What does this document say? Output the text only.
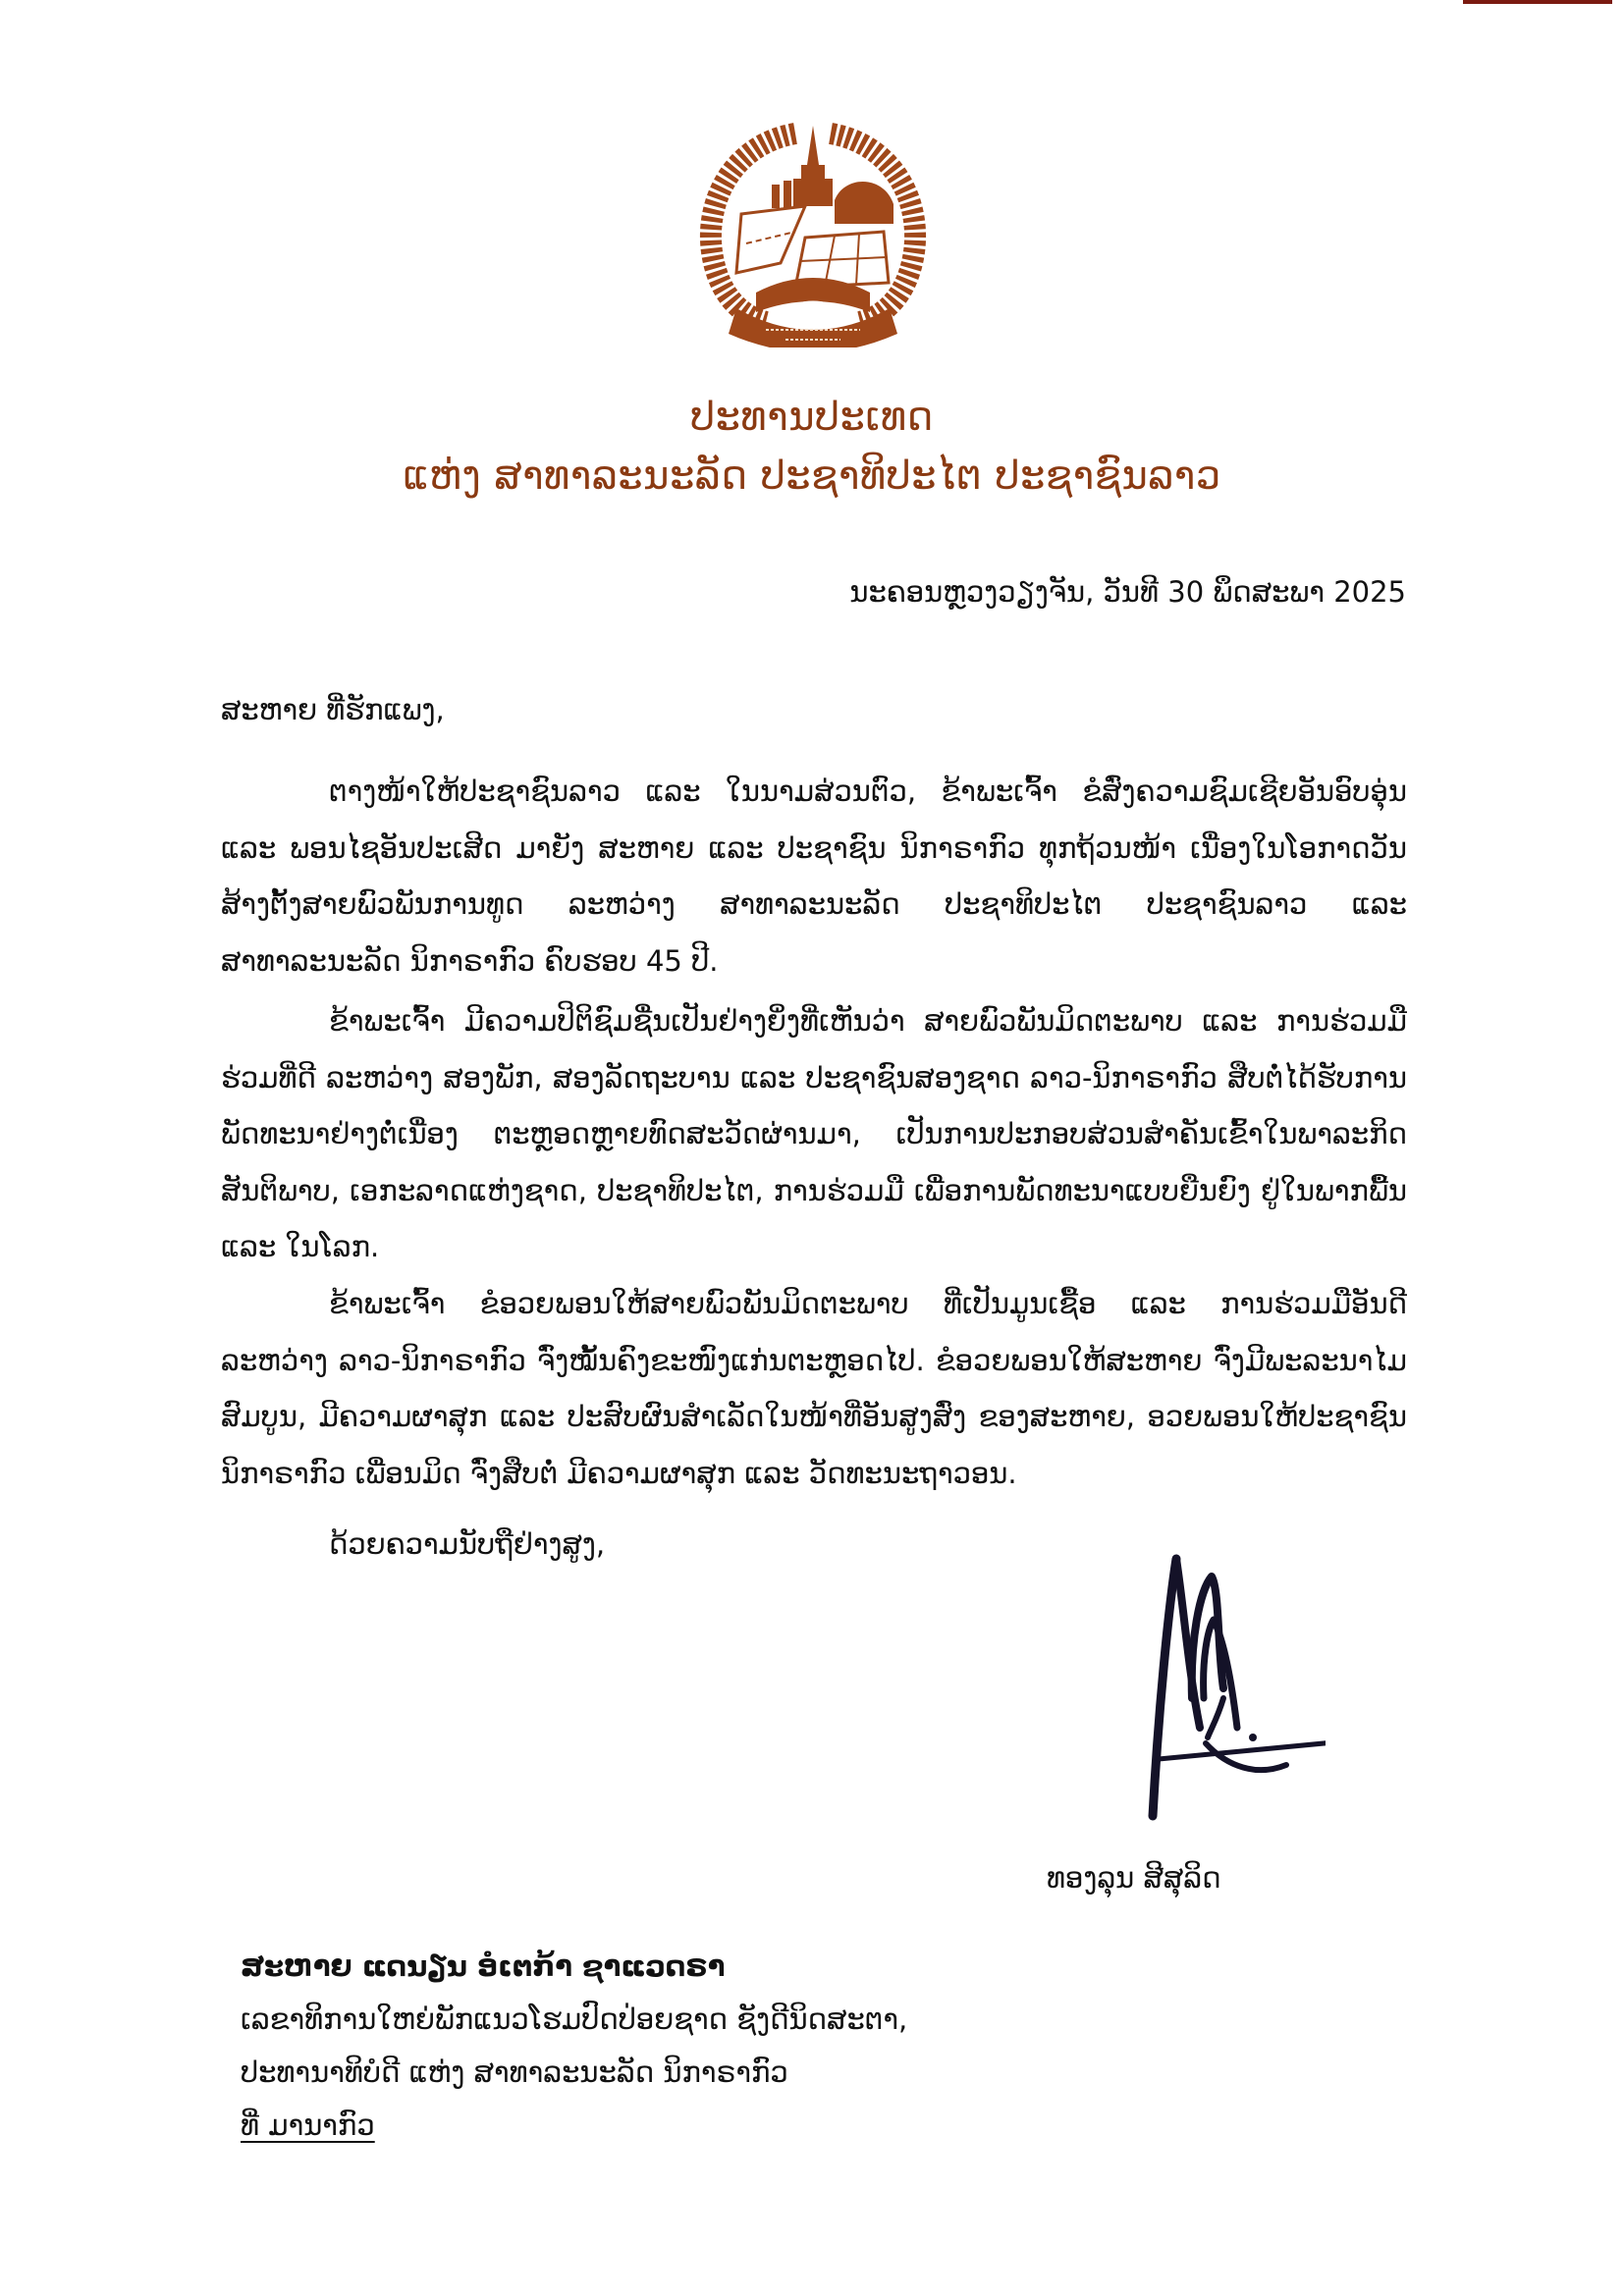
ປະທານປະເທດ
ແຫ່ງ ສາທາລະນະລັດ ປະຊາທິປະໄຕ ປະຊາຊົນລາວ
ນະຄອນຫຼວງວຽງຈັນ, ວັນທີ 30 ພຶດສະພາ 2025
ສະຫາຍ ທີ່ຮັກແພງ,

ຕາງໜ້າໃຫ້ປະຊາຊົນລາວ ແລະ ໃນນາມສ່ວນຕົວ, ຂ້າພະເຈົ້າ ຂໍສົ່ງຄວາມຊົມເຊີຍອັນອົບອຸ່ນ ແລະ ພອນໄຊອັນປະເສີດ ມາຍັງ ສະຫາຍ ແລະ ປະຊາຊົນ ນິກາຣາກົວ ທຸກຖ້ວນໜ້າ ເນື່ອງໃນໂອກາດວັນສ້າງຕັ້ງສາຍພົວພັນການທູດ ລະຫວ່າງ ສາທາລະນະລັດ ປະຊາທິປະໄຕ ປະຊາຊົນລາວ ແລະ ສາທາລະນະລັດ ນິກາຣາກົວ ຄົບຮອບ 45 ປີ.

ຂ້າພະເຈົ້າ ມີຄວາມປິຕິຊົມຊື່ນເປັນຢ່າງຍິ່ງທີ່ເຫັນວ່າ ສາຍພົວພັນມິດຕະພາບ ແລະ ການຮ່ວມມືຮ່ວມທີ່ດີ ລະຫວ່າງ ສອງພັກ, ສອງລັດຖະບານ ແລະ ປະຊາຊົນສອງຊາດ ລາວ-ນິກາຣາກົວ ສືບຕໍ່ໄດ້ຮັບການພັດທະນາຢ່າງຕໍ່ເນື່ອງ ຕະຫຼອດຫຼາຍທົດສະວັດຜ່ານມາ, ເປັນການປະກອບສ່ວນສໍາຄັນເຂົ້າໃນພາລະກິດສັນຕິພາບ, ເອກະລາດແຫ່ງຊາດ, ປະຊາທິປະໄຕ, ການຮ່ວມມື ເພື່ອການພັດທະນາແບບຍືນຍົງ ຢູ່ໃນພາກພື້ນ ແລະ ໃນໂລກ.

ຂ້າພະເຈົ້າ ຂໍອວຍພອນໃຫ້ສາຍພົວພັນມິດຕະພາບ ທີ່ເປັນມູນເຊື້ອ ແລະ ການຮ່ວມມືອັນດີ ລະຫວ່າງ ລາວ-ນິກາຣາກົວ ຈົ່ງໝັ້ນຄົງຂະໜົງແກ່ນຕະຫຼອດໄປ. ຂໍອວຍພອນໃຫ້ສະຫາຍ ຈົ່ງມີພະລະນາໄມສົມບູນ, ມີຄວາມຜາສຸກ ແລະ ປະສົບຜົນສໍາເລັດໃນໜ້າທີ່ອັນສູງສົ່ງ ຂອງສະຫາຍ, ອວຍພອນໃຫ້ປະຊາຊົນ ນິກາຣາກົວ ເພື່ອນມິດ ຈົ່ງສືບຕໍ່ ມີຄວາມຜາສຸກ ແລະ ວັດທະນະຖາວອນ.

ດ້ວຍຄວາມນັບຖືຢ່າງສູງ,
ທອງລຸນ ສີສຸລິດ
ສະຫາຍ ແດນຽນ ອໍເຕກ້າ ຊາແວດຣາ
ເລຂາທິການໃຫຍ່ພັກແນວໂຮມປົດປ່ອຍຊາດ ຊັງດີນິດສະຕາ,
ປະທານາທິບໍດີ ແຫ່ງ ສາທາລະນະລັດ ນິກາຣາກົວ
ທີ່ ມານາກົວ
